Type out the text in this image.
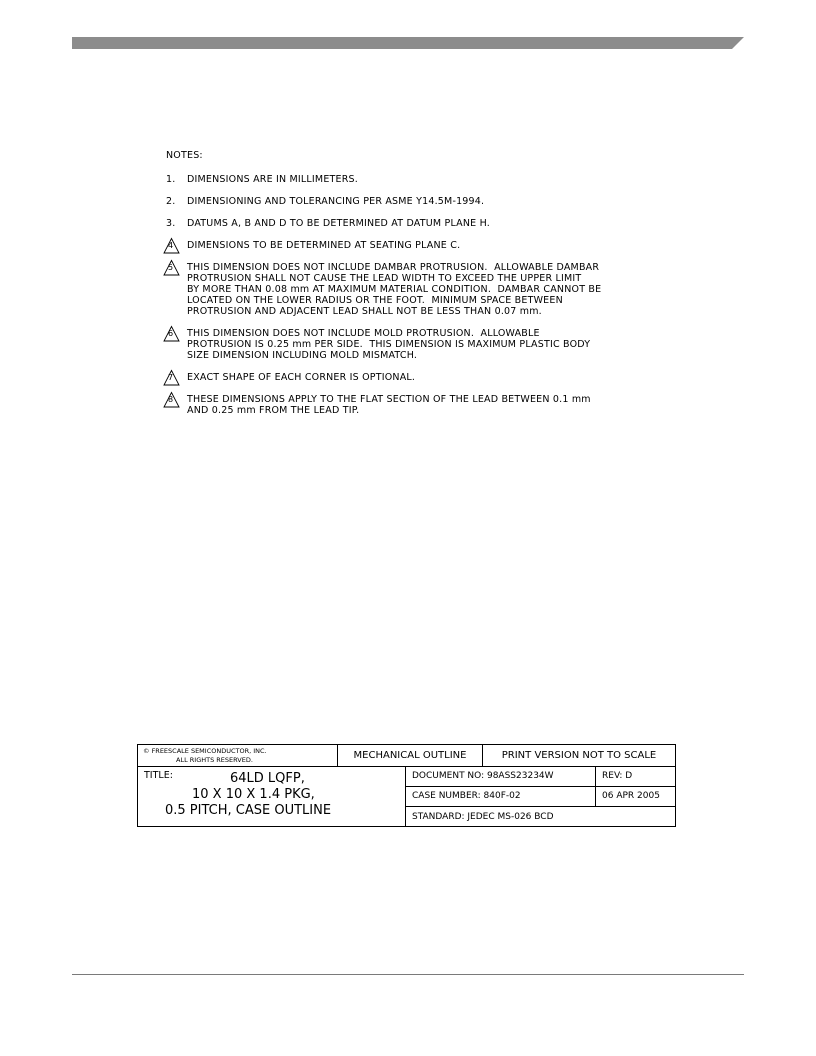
NOTES:
1. DIMENSIONS ARE IN MILLIMETERS.
2. DIMENSIONING AND TOLERANCING PER ASME Y14.5M-1994.
3. DATUMS A, B AND D TO BE DETERMINED AT DATUM PLANE H.
4 DIMENSIONS TO BE DETERMINED AT SEATING PLANE C.
5 THIS DIMENSION DOES NOT INCLUDE DAMBAR PROTRUSION.  ALLOWABLE DAMBAR
PROTRUSION SHALL NOT CAUSE THE LEAD WIDTH TO EXCEED THE UPPER LIMIT
BY MORE THAN 0.08 mm AT MAXIMUM MATERIAL CONDITION.  DAMBAR CANNOT BE
LOCATED ON THE LOWER RADIUS OR THE FOOT.  MINIMUM SPACE BETWEEN
PROTRUSION AND ADJACENT LEAD SHALL NOT BE LESS THAN 0.07 mm.
6 THIS DIMENSION DOES NOT INCLUDE MOLD PROTRUSION.  ALLOWABLE
PROTRUSION IS 0.25 mm PER SIDE.  THIS DIMENSION IS MAXIMUM PLASTIC BODY
SIZE DIMENSION INCLUDING MOLD MISMATCH.
7 EXACT SHAPE OF EACH CORNER IS OPTIONAL.
8 THESE DIMENSIONS APPLY TO THE FLAT SECTION OF THE LEAD BETWEEN 0.1 mm
AND 0.25 mm FROM THE LEAD TIP.
© FREESCALE SEMICONDUCTOR, INC.
ALL RIGHTS RESERVED.	MECHANICAL OUTLINE	PRINT VERSION NOT TO SCALE
TITLE:	64LD LQFP,
10 X 10 X 1.4 PKG,
0.5 PITCH, CASE OUTLINE
DOCUMENT NO: 98ASS23234W	REV: D
CASE NUMBER: 840F-02	06 APR 2005
STANDARD: JEDEC MS-026 BCD
